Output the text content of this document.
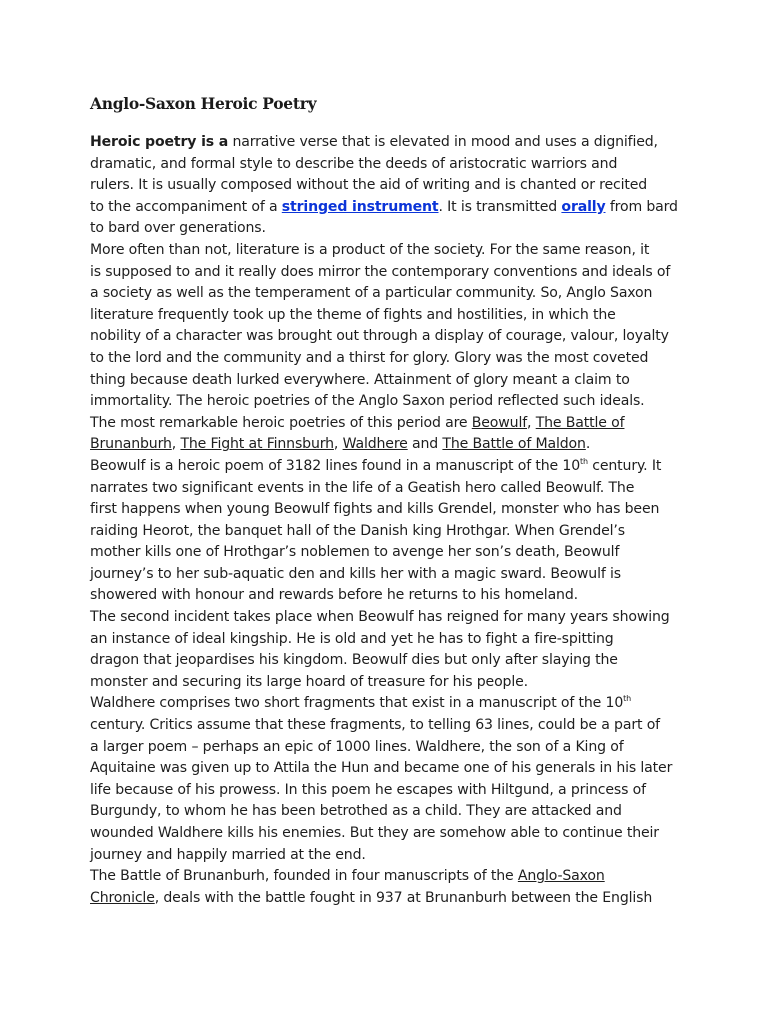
Anglo-Saxon Heroic Poetry
Heroic poetry is a narrative verse that is elevated in mood and uses a dignified,
dramatic, and formal style to describe the deeds of aristocratic warriors and
rulers. It is usually composed without the aid of writing and is chanted or recited
to the accompaniment of a stringed instrument. It is transmitted orally from bard
to bard over generations.
More often than not, literature is a product of the society. For the same reason, it
is supposed to and it really does mirror the contemporary conventions and ideals of
a society as well as the temperament of a particular community. So, Anglo Saxon
literature frequently took up the theme of fights and hostilities, in which the
nobility of a character was brought out through a display of courage, valour, loyalty
to the lord and the community and a thirst for glory. Glory was the most coveted
thing because death lurked everywhere. Attainment of glory meant a claim to
immortality. The heroic poetries of the Anglo Saxon period reflected such ideals.
The most remarkable heroic poetries of this period are Beowulf, The Battle of
Brunanburh, The Fight at Finnsburh, Waldhere and The Battle of Maldon.
Beowulf is a heroic poem of 3182 lines found in a manuscript of the 10th century. It
narrates two significant events in the life of a Geatish hero called Beowulf. The
first happens when young Beowulf fights and kills Grendel, monster who has been
raiding Heorot, the banquet hall of the Danish king Hrothgar. When Grendel’s
mother kills one of Hrothgar’s noblemen to avenge her son’s death, Beowulf
journey’s to her sub-aquatic den and kills her with a magic sward. Beowulf is
showered with honour and rewards before he returns to his homeland.
The second incident takes place when Beowulf has reigned for many years showing
an instance of ideal kingship. He is old and yet he has to fight a fire-spitting
dragon that jeopardises his kingdom. Beowulf dies but only after slaying the
monster and securing its large hoard of treasure for his people.
Waldhere comprises two short fragments that exist in a manuscript of the 10th
century. Critics assume that these fragments, to telling 63 lines, could be a part of
a larger poem – perhaps an epic of 1000 lines. Waldhere, the son of a King of
Aquitaine was given up to Attila the Hun and became one of his generals in his later
life because of his prowess. In this poem he escapes with Hiltgund, a princess of
Burgundy, to whom he has been betrothed as a child. They are attacked and
wounded Waldhere kills his enemies. But they are somehow able to continue their
journey and happily married at the end.
The Battle of Brunanburh, founded in four manuscripts of the Anglo-Saxon
Chronicle, deals with the battle fought in 937 at Brunanburh between the English
